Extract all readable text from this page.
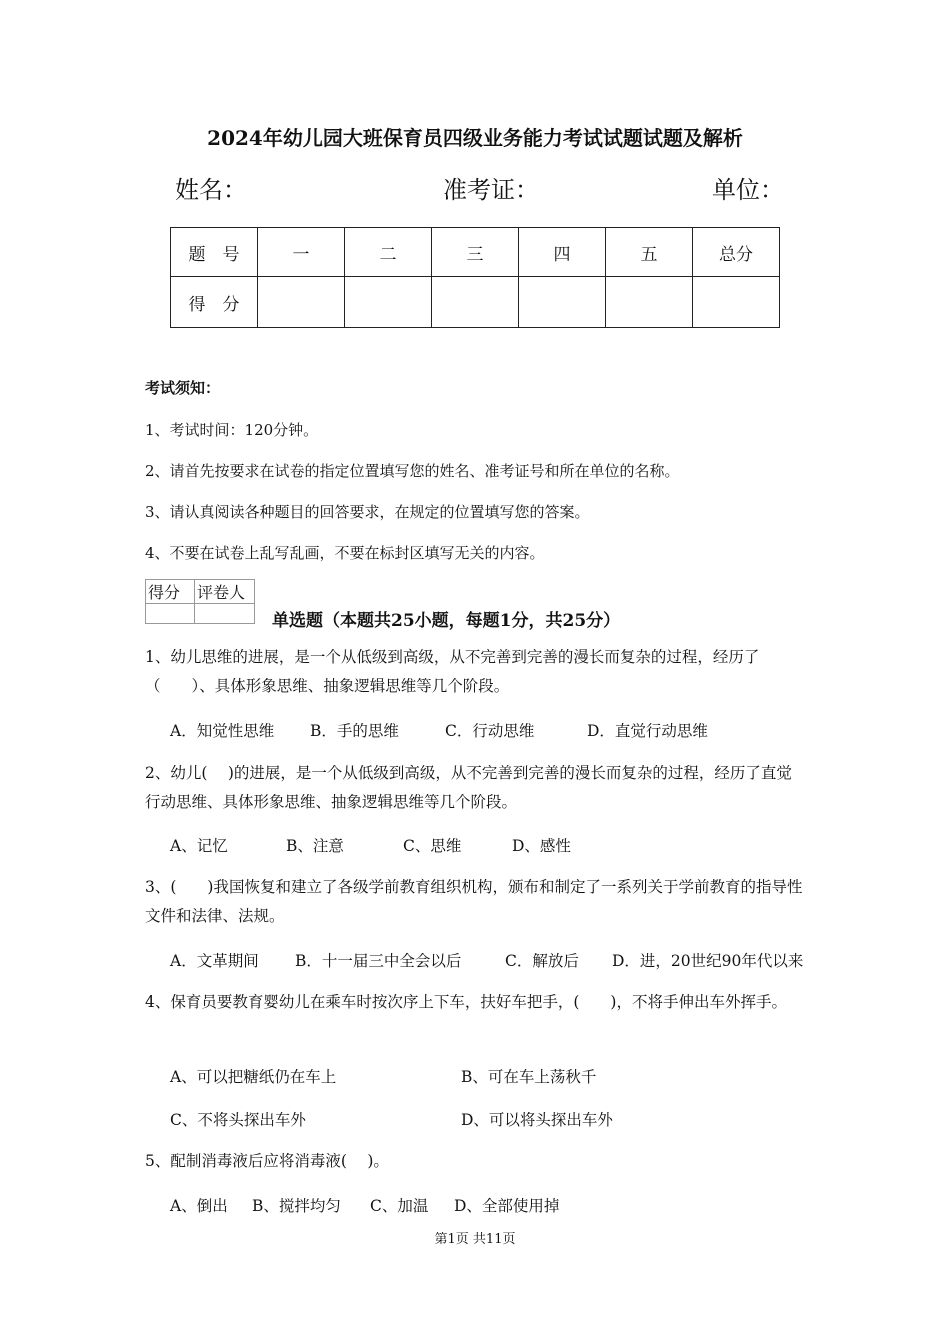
2024年幼儿园大班保育员四级业务能力考试试题试题及解析
姓名：	准考证：	单位：
题　号	一	二	三	四	五	总分
得　分						
考试须知：
1、考试时间：120分钟。
2、请首先按要求在试卷的指定位置填写您的姓名、准考证号和所在单位的名称。
3、请认真阅读各种题目的回答要求，在规定的位置填写您的答案。
4、不要在试卷上乱写乱画，不要在标封区填写无关的内容。
得分	评卷人

单选题（本题共25小题，每题1分，共25分）
1、幼儿思维的进展，是一个从低级到高级，从不完善到完善的漫长而复杂的过程，经历了（　　）、具体形象思维、抽象逻辑思维等几个阶段。
A．知觉性思维 B．手的思维	C．行动思维	D．直觉行动思维
2、幼儿(　 )的进展，是一个从低级到高级，从不完善到完善的漫长而复杂的过程，经历了直觉行动思维、具体形象思维、抽象逻辑思维等几个阶段。
A、记忆	B、注意	C、思维	D、感性
3、(　　)我国恢复和建立了各级学前教育组织机构，颁布和制定了一系列关于学前教育的指导性文件和法律、法规。
A．文革期间 B．十一届三中全会以后	C．解放后 D．进，20世纪90年代以来
4、保育员要教育婴幼儿在乘车时按次序上下车，扶好车把手，(　　)，不将手伸出车外挥手。
A、可以把糖纸仍在车上	B、可在车上荡秋千
C、不将头探出车外	D、可以将头探出车外
5、配制消毒液后应将消毒液(　 )。
A、倒出 B、搅拌均匀 C、加温 D、全部使用掉
第1页 共11页
